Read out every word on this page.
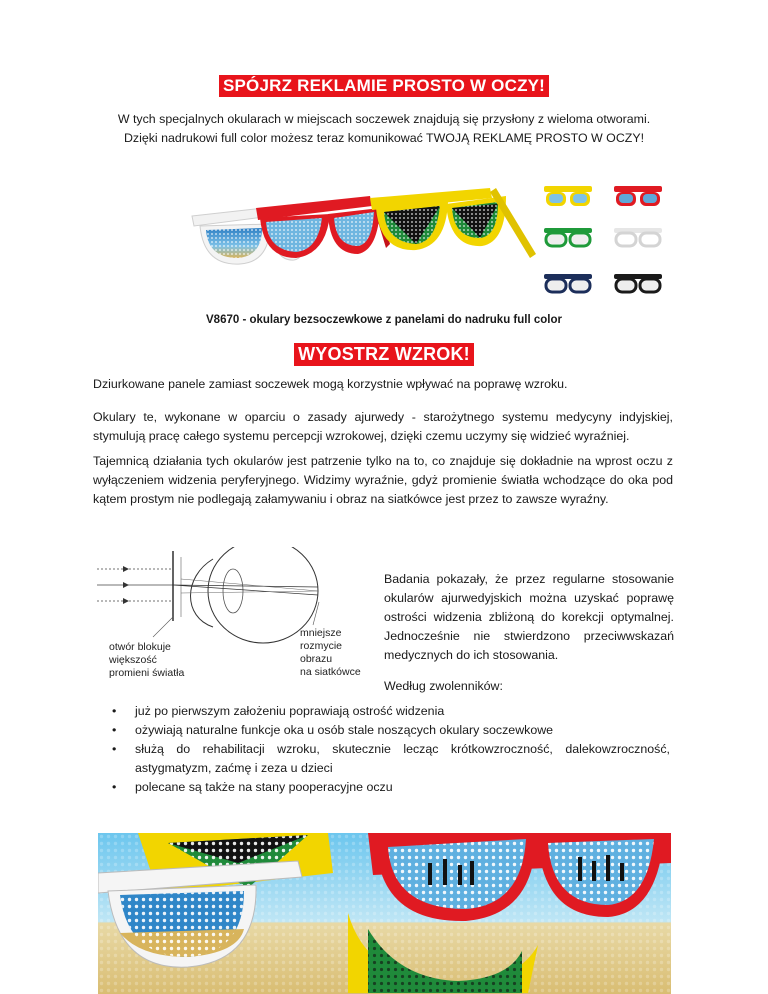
SPÓJRZ REKLAMIE PROSTO W OCZY!
W tych specjalnych okularach w miejscach soczewek znajdują się przysłony z wieloma otworami.
Dzięki nadrukowi full color możesz teraz komunikować TWOJĄ REKLAMĘ PROSTO W OCZY!
V8670 - okulary bezsoczewkowe z panelami do nadruku full color
WYOSTRZ WZROK!
Dziurkowane panele zamiast soczewek mogą korzystnie wpływać na poprawę wzroku.
Okulary te, wykonane w oparciu o zasady ajurwedy - starożytnego systemu medycyny indyjskiej, stymulują pracę całego systemu percepcji wzrokowej, dzięki czemu uczymy się widzieć wyraźniej.
Tajemnicą działania tych okularów jest patrzenie tylko na to, co znajduje się dokładnie na wprost oczu z wyłączeniem widzenia peryferyjnego. Widzimy wyraźnie, gdyż promienie światła wchodzące do oka pod kątem prostym nie podlegają załamywaniu i obraz na siatkówce jest przez to zawsze wyraźny.
otwór blokuje
większość
promieni światła
mniejsze
rozmycie
obrazu
na siatkówce
Badania pokazały, że przez regularne stosowanie okularów ajurwedyjskich można uzyskać poprawę ostrości widzenia zbliżoną do korekcji optymalnej. Jednocześnie nie stwierdzono przeciwwskazań medycznych do ich stosowania.
Według zwolenników:
• już po pierwszym założeniu poprawiają ostrość widzenia
• ożywiają naturalne funkcje oka u osób stale noszących okulary soczewkowe
• służą do rehabilitacji wzroku, skutecznie lecząc krótkowzroczność, dalekowzroczność, astygmatyzm, zaćmę i zeza u dzieci
• polecane są także na stany pooperacyjne oczu
